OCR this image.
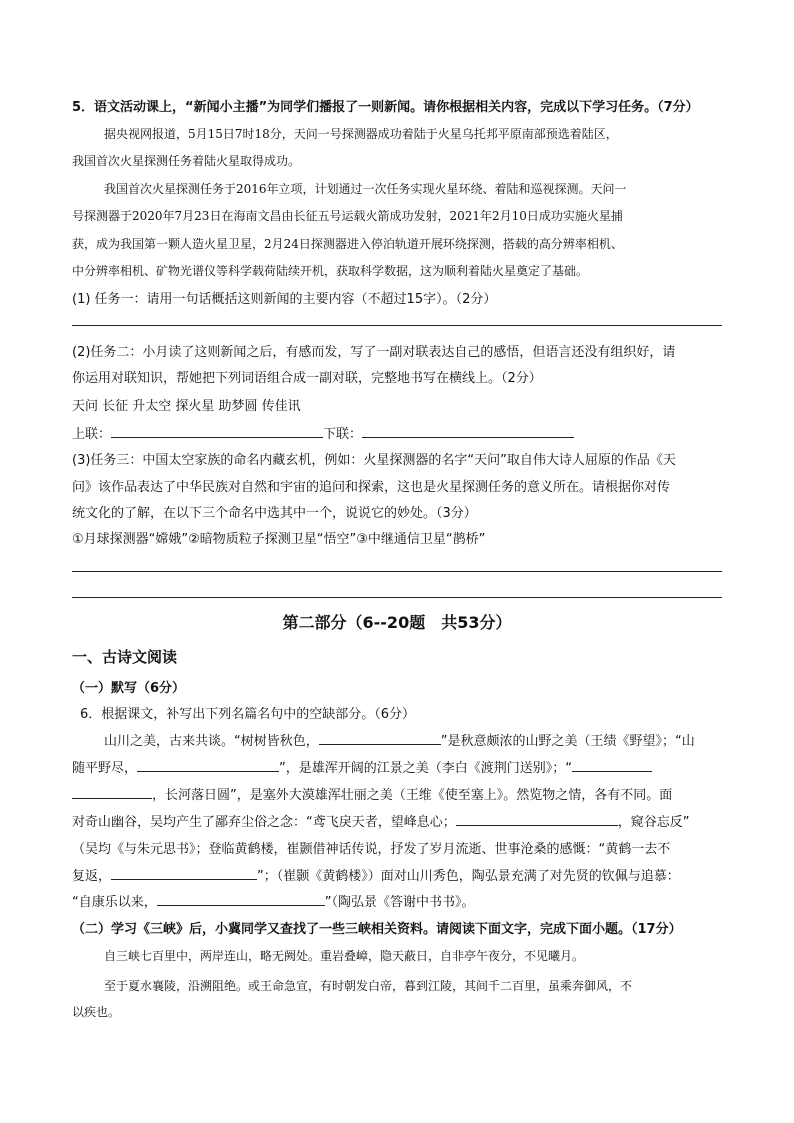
5．语文活动课上，“新闻小主播”为同学们播报了一则新闻。请你根据相关内容，完成以下学习任务。（7分）
据央视网报道，5月15日7时18分，天问一号探测器成功着陆于火星乌托邦平原南部预选着陆区，
我国首次火星探测任务着陆火星取得成功。
我国首次火星探测任务于2016年立项，计划通过一次任务实现火星环绕、着陆和巡视探测。天问一
号探测器于2020年7月23日在海南文昌由长征五号运载火箭成功发射，2021年2月10日成功实施火星捕
获，成为我国第一颗人造火星卫星，2月24日探测器进入停泊轨道开展环绕探测，搭载的高分辨率相机、
中分辨率相机、矿物光谱仪等科学载荷陆续开机，获取科学数据，这为顺利着陆火星奠定了基础。
(1) 任务一：请用一句话概括这则新闻的主要内容（不超过15字）。（2分）
(2)任务二：小月读了这则新闻之后，有感而发，写了一副对联表达自己的感悟，但语言还没有组织好，请
你运用对联知识，帮她把下列词语组合成一副对联，完整地书写在横线上。（2分）
天问 长征 升太空 探火星 助梦圆 传佳讯
上联：	下联：
(3)任务三：中国太空家族的命名内藏玄机，例如：火星探测器的名字“天问”取自伟大诗人屈原的作品《天
问》该作品表达了中华民族对自然和宇宙的追问和探索，这也是火星探测任务的意义所在。请根据你对传
统文化的了解，在以下三个命名中选其中一个，说说它的妙处。（3分）
①月球探测器“嫦娥”②暗物质粒子探测卫星“悟空”③中继通信卫星“鹊桥”
第二部分（6--20题　共53分）
一、古诗文阅读
（一）默写（6分）
6．根据课文，补写出下列名篇名句中的空缺部分。（6分）
山川之美，古来共谈。“树树皆秋色，	”是秋意颇浓的山野之美（王绩《野望》；“山
随平野尽，	”，是雄浑开阔的江景之美（李白《渡荆门送别》；“
，长河落日圆”，是塞外大漠雄浑壮丽之美（王维《使至塞上》。然览物之情，各有不同。面
对奇山幽谷，吴均产生了鄙弃尘俗之念：“鸢飞戾天者，望峰息心；	，窥谷忘反”
（吴均《与朱元思书》；登临黄鹤楼，崔颢借神话传说，抒发了岁月流逝、世事沧桑的感慨：“黄鹤一去不
复返，	”；（崔颢《黄鹤楼》）面对山川秀色，陶弘景充满了对先贤的钦佩与追慕：
“自康乐以来，	”（陶弘景《答谢中书书》。
（二）学习《三峡》后，小冀同学又查找了一些三峡相关资料。请阅读下面文字，完成下面小题。（17分）
自三峡七百里中，两岸连山，略无阙处。重岩叠嶂，隐天蔽日，自非亭午夜分，不见曦月。
至于夏水襄陵，沿溯阻绝。或王命急宣，有时朝发白帝，暮到江陵，其间千二百里，虽乘奔御风，不
以疾也。
